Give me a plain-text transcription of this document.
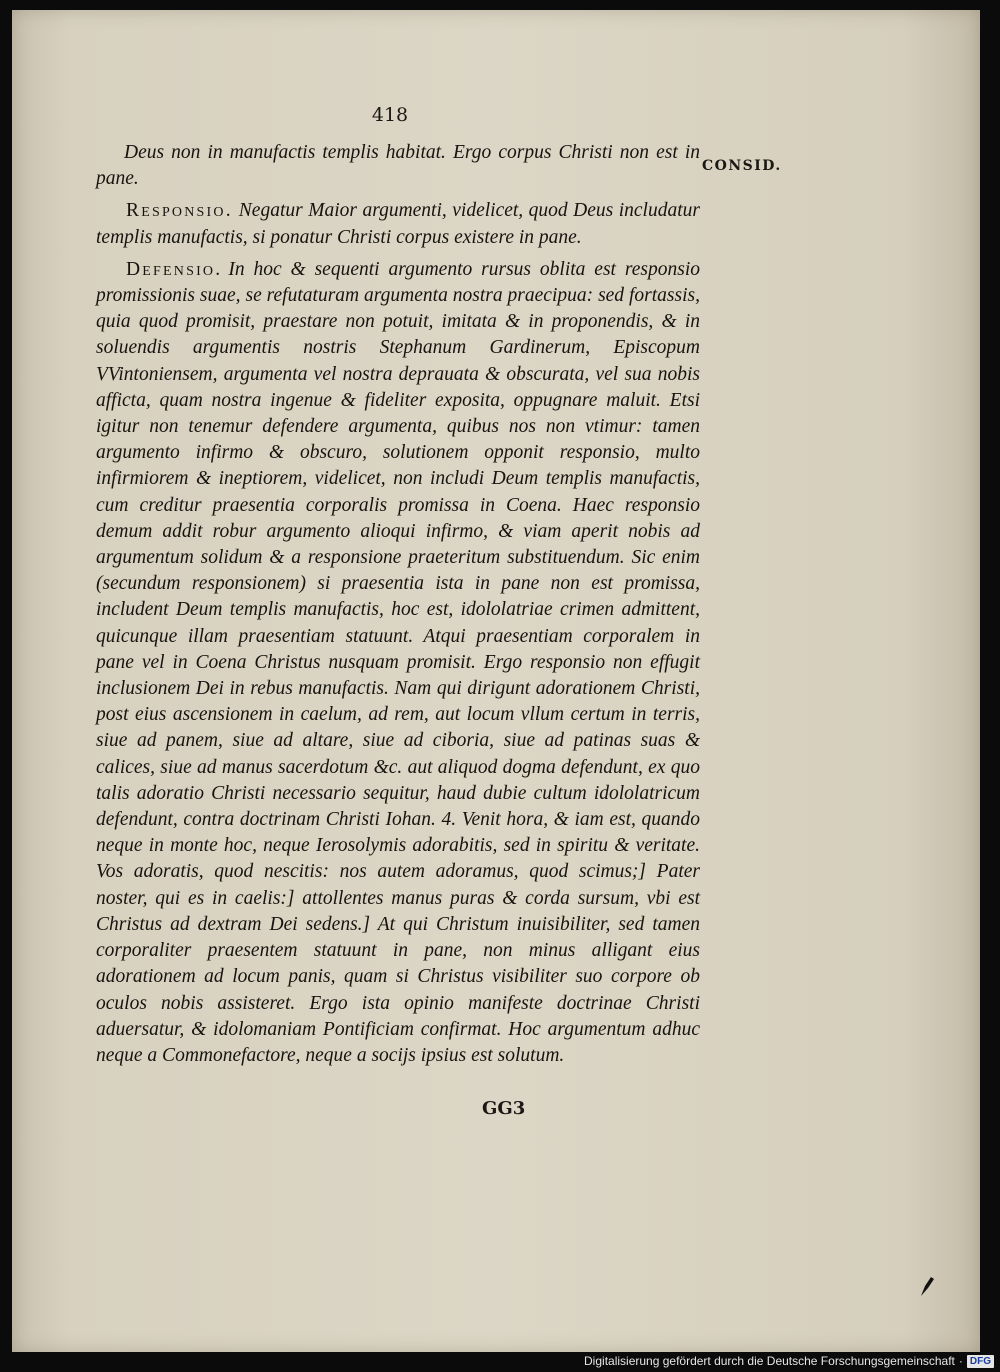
418
CONSID.

Deus non in manufactis templis habitat. Ergo corpus Christi non est in pane.

Responsio. Negatur Maior argumenti, videlicet, quod Deus includatur templis manufactis, si ponatur Christi corpus existere in pane.

Defensio. In hoc & sequenti argumento rursus oblita est responsio promissionis suae, se refutaturam argumenta nostra praecipua: sed fortassis, quia quod promisit, praestare non potuit, imitata & in proponendis, & in soluendis argumentis nostris Stephanum Gardinerum, Episcopum VVintoniensem, argumenta vel nostra deprauata & obscurata, vel sua nobis afficta, quam nostra ingenue & fideliter exposita, oppugnare maluit. Etsi igitur non tenemur defendere argumenta, quibus nos non vtimur: tamen argumento infirmo & obscuro, solutionem opponit responsio, multo infirmiorem & ineptiorem, videlicet, non includi Deum templis manufactis, cum creditur praesentia corporalis promissa in Coena. Haec responsio demum addit robur argumento alioqui infirmo, & viam aperit nobis ad argumentum solidum & a responsione praeteritum substituendum. Sic enim (secundum responsionem) si praesentia ista in pane non est promissa, includent Deum templis manufactis, hoc est, idololatriae crimen admittent, quicunque illam praesentiam statuunt. Atqui praesentiam corporalem in pane vel in Coena Christus nusquam promisit. Ergo responsio non effugit inclusionem Dei in rebus manufactis. Nam qui dirigunt adorationem Christi, post eius ascensionem in caelum, ad rem, aut locum vllum certum in terris, siue ad panem, siue ad altare, siue ad ciboria, siue ad patinas suas & calices, siue ad manus sacerdotum &c. aut aliquod dogma defendunt, ex quo talis adoratio Christi necessario sequitur, haud dubie cultum idololatricum defendunt, contra doctrinam Christi Iohan. 4. Venit hora, & iam est, quando neque in monte hoc, neque Ierosolymis adorabitis, sed in spiritu & veritate. Vos adoratis, quod nescitis: nos autem adoramus, quod scimus;] Pater noster, qui es in caelis:] attollentes manus puras & corda sursum, vbi est Christus ad dextram Dei sedens.] At qui Christum inuisibiliter, sed tamen corporaliter praesentem statuunt in pane, non minus alligant eius adorationem ad locum panis, quam si Christus visibiliter suo corpore ob oculos nobis assisteret. Ergo ista opinio manifeste doctrinae Christi aduersatur, & idolomaniam Pontificiam confirmat. Hoc argumentum adhuc neque a Commonefactore, neque a socijs ipsius est solutum.

GG3
Digitalisierung gefördert durch die Deutsche Forschungsgemeinschaft · DFG
